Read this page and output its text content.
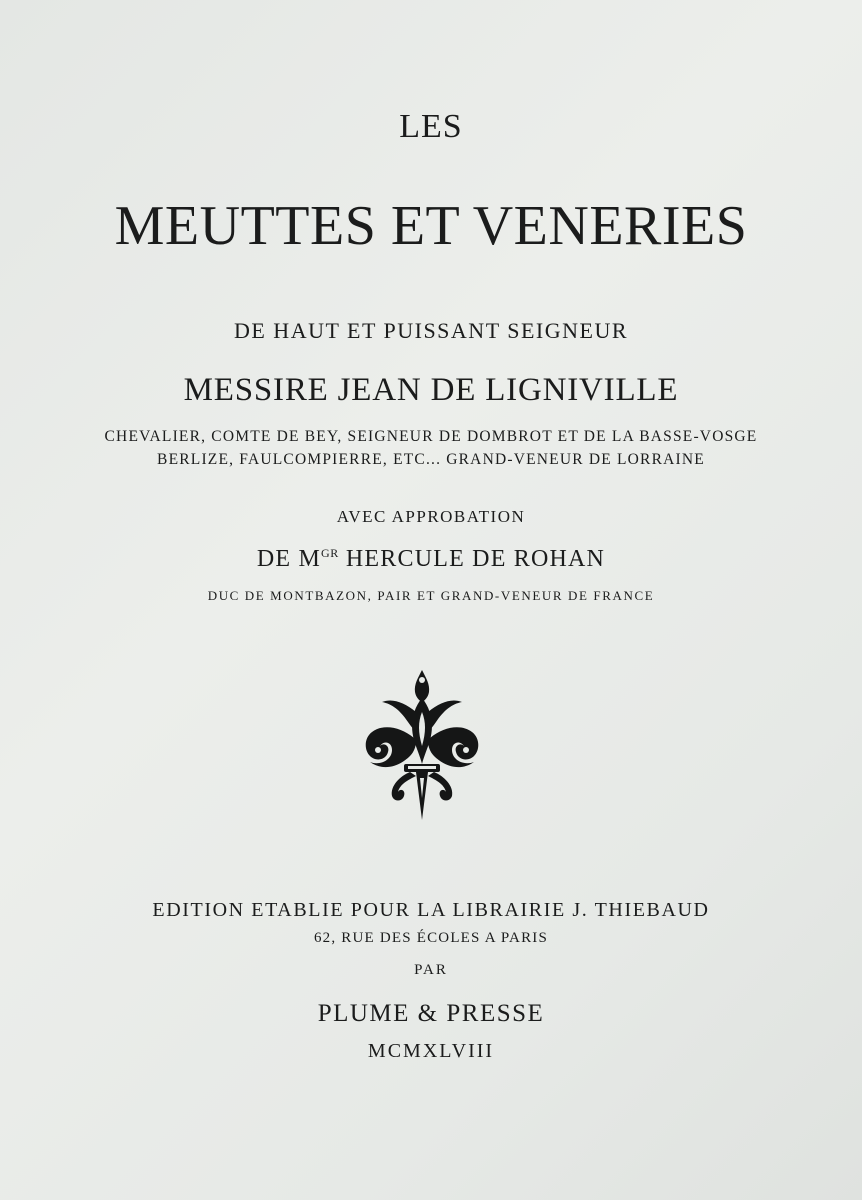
LES
MEUTTES ET VENERIES
DE HAUT ET PUISSANT SEIGNEUR
MESSIRE JEAN DE LIGNIVILLE
CHEVALIER, COMTE DE BEY, SEIGNEUR DE DOMBROT ET DE LA BASSE-VOSGE
BERLIZE, FAULCOMPIERRE, ETC... GRAND-VENEUR DE LORRAINE
AVEC APPROBATION
DE $M^{GR}$ HERCULE DE ROHAN
DUC DE MONTBAZON, PAIR ET GRAND-VENEUR DE FRANCE
EDITION ETABLIE POUR LA LIBRAIRIE J. THIEBAUD
62, RUE DES ÉCOLES A PARIS
PAR
PLUME & PRESSE
MCMXLVIII
